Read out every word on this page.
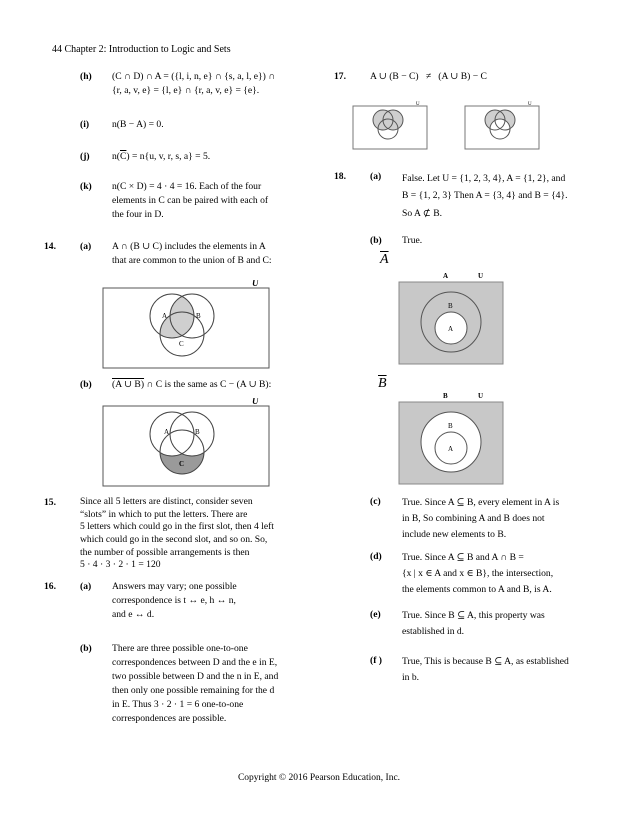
44 Chapter 2: Introduction to Logic and Sets
(h) (C ∩ D) ∩ A = ({l, i, n, e} ∩ {s, a, l, e}) ∩
{r, a, v, e} = {l, e} ∩ {r, a, v, e} = {e}.
(i) n(B − A) = 0.
(j) $n(\overline{C}) = n\{u$, v, r, s, a} = 5.
(k) n(C × D) = 4 · 4 = 16. Each of the four
elements in C can be paired with each of
the four in D.
14.	(a) A ∩ (B ∪ C) includes the elements in A
that are common to the union of B and C:
U
A	B
C
(b) (A ∪ B) ∩ C is the same as C − (A ∪ B):
U
A	B
C
15.	Since all 5 letters are distinct, consider seven
“slots” in which to put the letters. There are
5 letters which could go in the first slot, then 4 left
which could go in the second slot, and so on. So,
the number of possible arrangements is then
5 · 4 · 3 · 2 · 1 = 120
16.	(a) Answers may vary; one possible
correspondence is t ↔ e, h ↔ n,
and e ↔ d.
(b) There are three possible one-to-one
correspondences between D and the e in E,
two possible between D and the n in E, and
then only one possible remaining for the d
in E. Thus 3 · 2 · 1 = 6 one-to-one
correspondences are possible.
17.	A ∪ (B − C)   ≠   (A ∪ B) − C
U	U
18.	(a) False. Let U = {1, 2, 3, 4}, A = {1, 2}, and
B = {1, 2, 3} Then A = {3, 4} and B = {4}.
So A ⊄ B.
(b) True.
$\overline{A}$
A	U
B
A
$\overline{B}$
B	U
B
A
(c) True. Since A ⊆ B, every element in A is
in B, So combining A and B does not
include new elements to B.
(d) True. Since A ⊆ B and A ∩ B =
{x | x ∈ A and x ∈ B}, the intersection,
the elements common to A and B, is A.
(e) True. Since B ⊆ A, this property was
established in d.
(f ) True, This is because B ⊆ A, as established
in b.
Copyright © 2016 Pearson Education, Inc.
